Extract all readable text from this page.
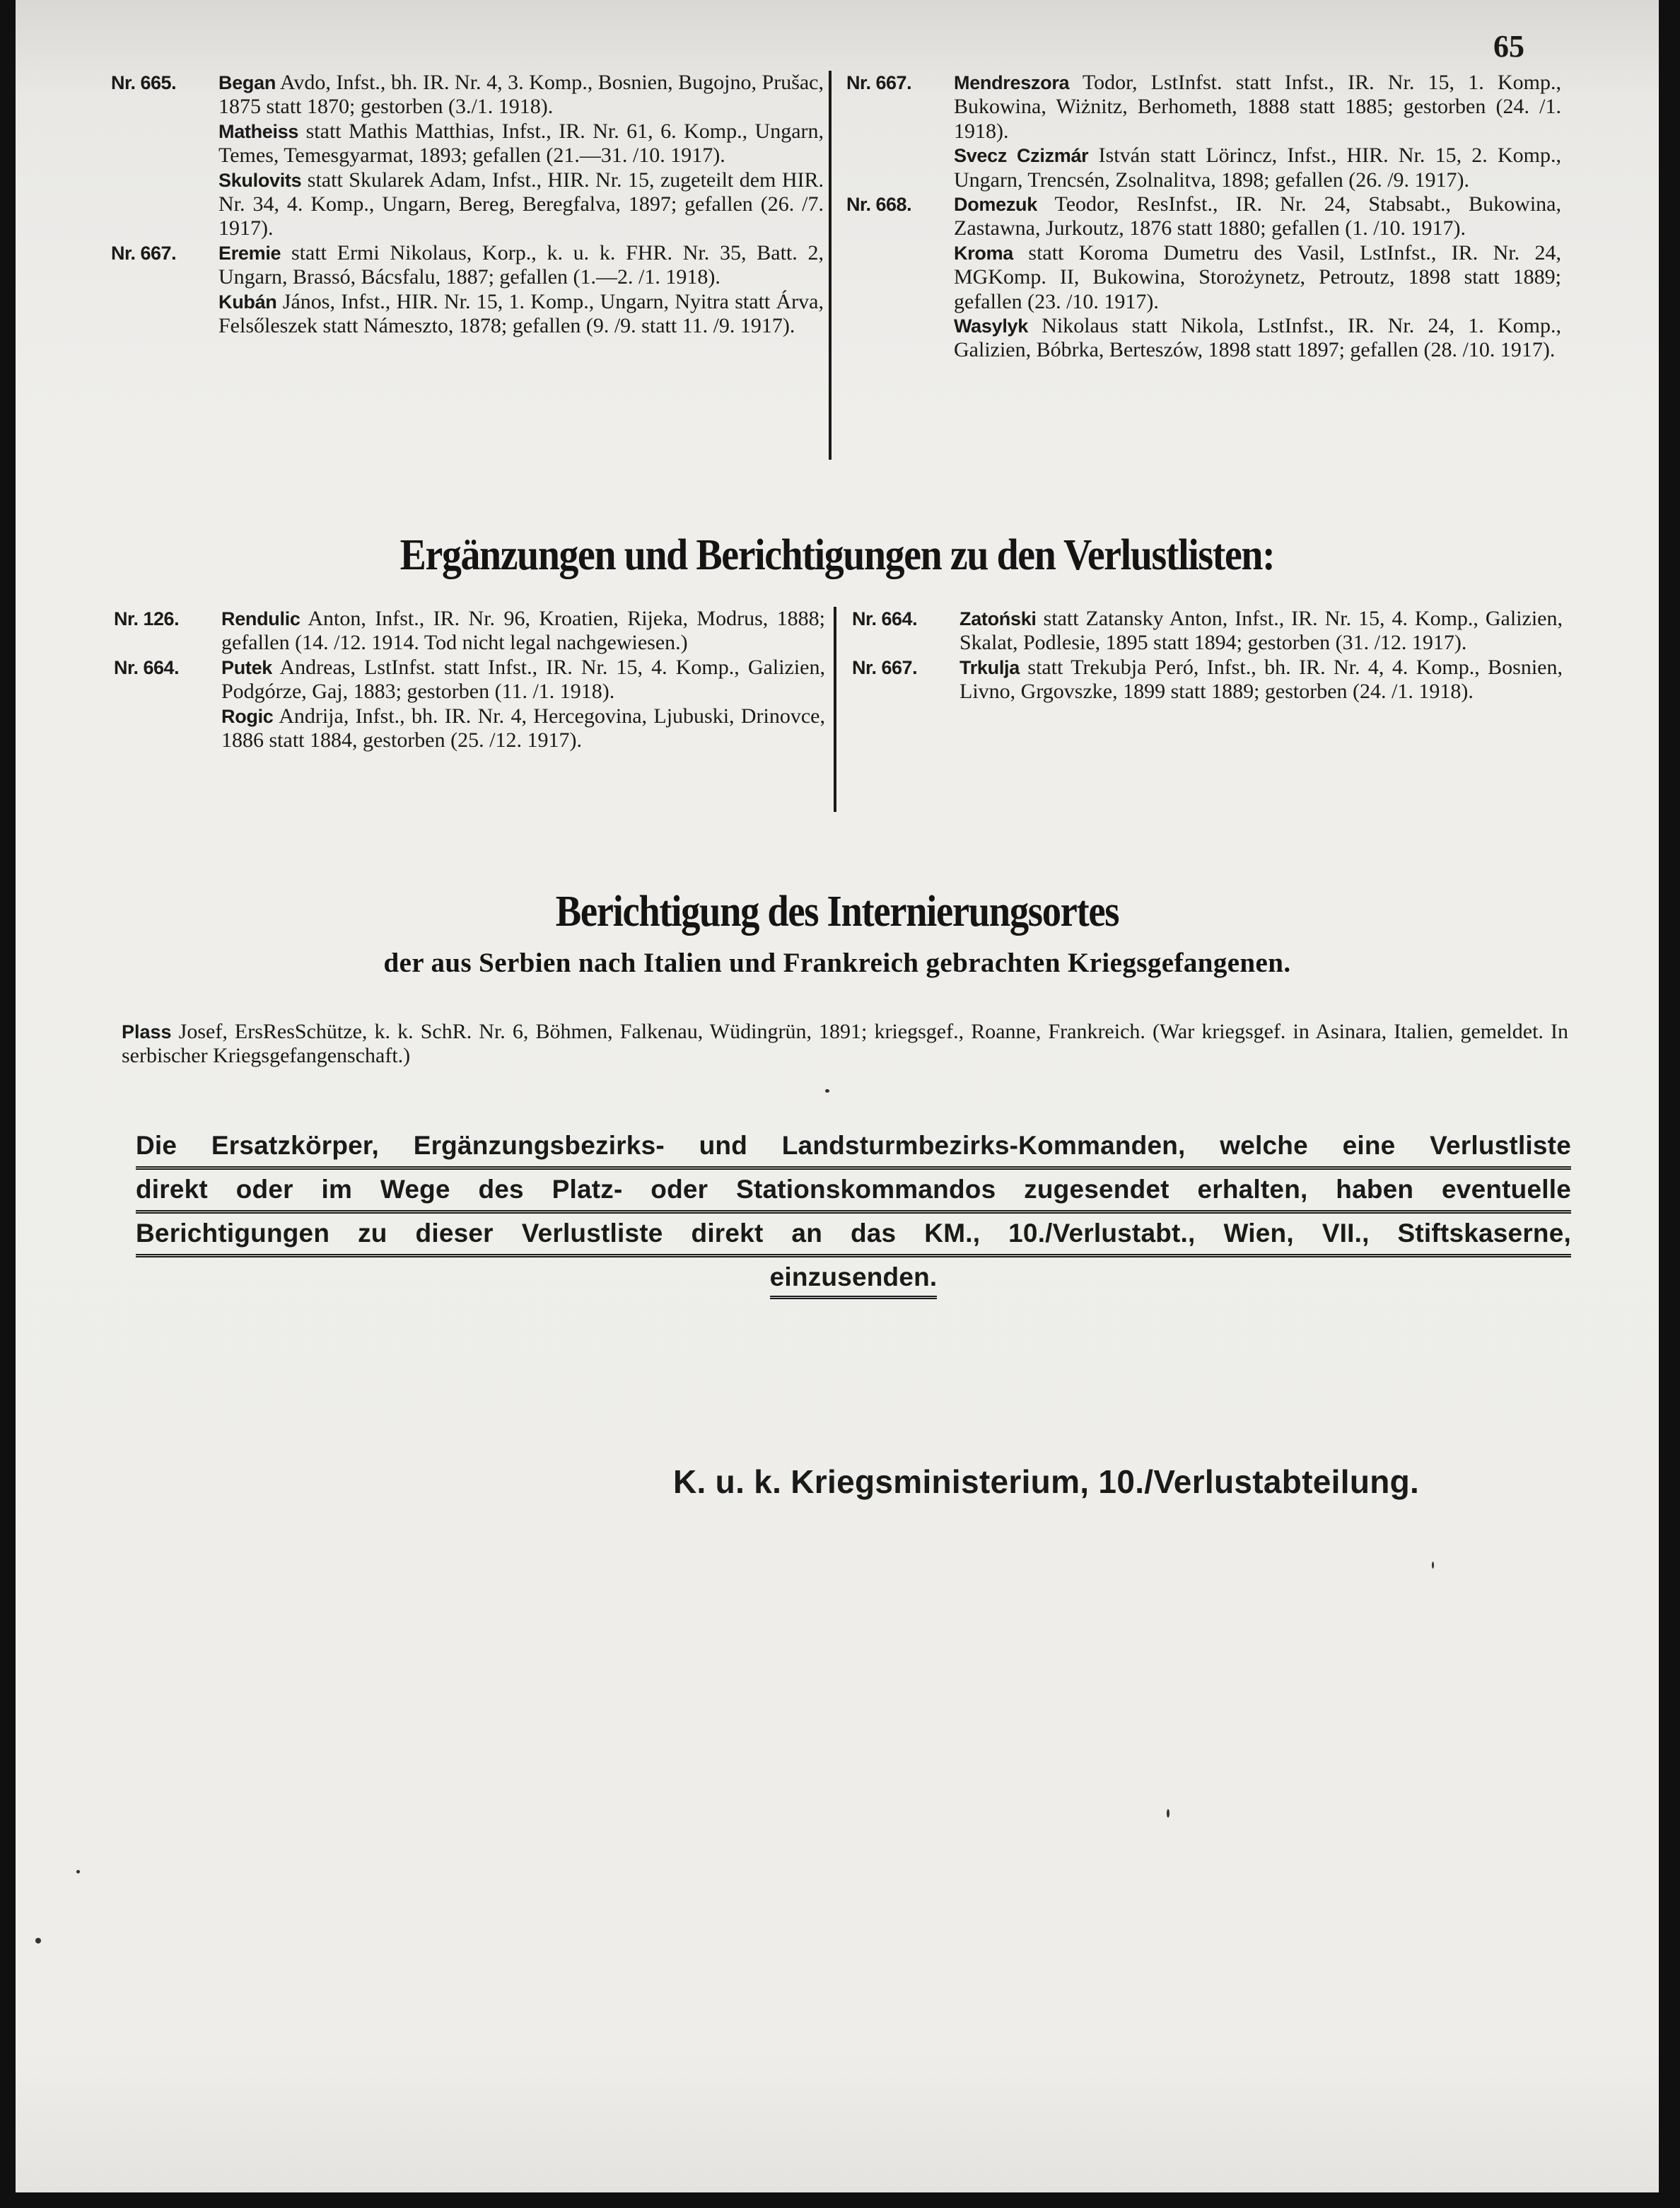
65

Nr. 665. Began Avdo, Infst., bh. IR. Nr. 4, 3. Komp., Bosnien, Bugojno, Prušac, 1875 statt 1870; gestorben (3./1. 1918).

Matheiss statt Mathis Matthias, Infst., IR. Nr. 61, 6. Komp., Ungarn, Temes, Temesgyarmat, 1893; gefallen (21.—31. /10. 1917).

Skulovits statt Skularek Adam, Infst., HIR. Nr. 15, zugeteilt dem HIR. Nr. 34, 4. Komp., Ungarn, Bereg, Beregfalva, 1897; gefallen (26. /7. 1917).

Nr. 667. Eremie statt Ermi Nikolaus, Korp., k. u. k. FHR. Nr. 35, Batt. 2, Ungarn, Brassó, Bácsfalu, 1887; gefallen (1.—2. /1. 1918).

Kubán János, Infst., HIR. Nr. 15, 1. Komp., Ungarn, Nyitra statt Árva, Felsőleszek statt Námeszto, 1878; gefallen (9. /9. statt 11. /9. 1917).

Nr. 667. Mendreszora Todor, LstInfst. statt Infst., IR. Nr. 15, 1. Komp., Bukowina, Wiżnitz, Berhometh, 1888 statt 1885; gestorben (24. /1. 1918).

Svecz Czizmár István statt Lörincz, Infst., HIR. Nr. 15, 2. Komp., Ungarn, Trencsén, Zsolnalitva, 1898; gefallen (26. /9. 1917).

Nr. 668. Domezuk Teodor, ResInfst., IR. Nr. 24, Stabsabt., Bukowina, Zastawna, Jurkoutz, 1876 statt 1880; gefallen (1. /10. 1917).

Kroma statt Koroma Dumetru des Vasil, LstInfst., IR. Nr. 24, MGKomp. II, Bukowina, Storożynetz, Petroutz, 1898 statt 1889; gefallen (23. /10. 1917).

Wasylyk Nikolaus statt Nikola, LstInfst., IR. Nr. 24, 1. Komp., Galizien, Bóbrka, Berteszów, 1898 statt 1897; gefallen (28. /10. 1917).

Ergänzungen und Berichtigungen zu den Verlustlisten:

Nr. 126. Rendulic Anton, Infst., IR. Nr. 96, Kroatien, Rijeka, Modrus, 1888; gefallen (14. /12. 1914. Tod nicht legal nachgewiesen.)

Nr. 664. Putek Andreas, LstInfst. statt Infst., IR. Nr. 15, 4. Komp., Galizien, Podgórze, Gaj, 1883; gestorben (11. /1. 1918).

Rogic Andrija, Infst., bh. IR. Nr. 4, Hercegovina, Ljubuski, Drinovce, 1886 statt 1884, gestorben (25. /12. 1917).

Nr. 664. Zatoński statt Zatansky Anton, Infst., IR. Nr. 15, 4. Komp., Galizien, Skalat, Podlesie, 1895 statt 1894; gestorben (31. /12. 1917).

Nr. 667. Trkulja statt Trekubja Peró, Infst., bh. IR. Nr. 4, 4. Komp., Bosnien, Livno, Grgovszke, 1899 statt 1889; gestorben (24. /1. 1918).

Berichtigung des Internierungsortes
der aus Serbien nach Italien und Frankreich gebrachten Kriegsgefangenen.

Plass Josef, ErsResSchütze, k. k. SchR. Nr. 6, Böhmen, Falkenau, Wüdingrün, 1891; kriegsgef., Roanne, Frankreich. (War kriegsgef. in Asinara, Italien, gemeldet. In serbischer Kriegsgefangenschaft.)

Die Ersatzkörper, Ergänzungsbezirks- und Landsturmbezirks-Kommanden, welche eine Verlustliste
direkt oder im Wege des Platz- oder Stationskommandos zugesendet erhalten, haben eventuelle
Berichtigungen zu dieser Verlustliste direkt an das KM., 10./Verlustabt., Wien, VII., Stiftskaserne,
einzusenden.
K. u. k. Kriegsministerium, 10./Verlustabteilung.
